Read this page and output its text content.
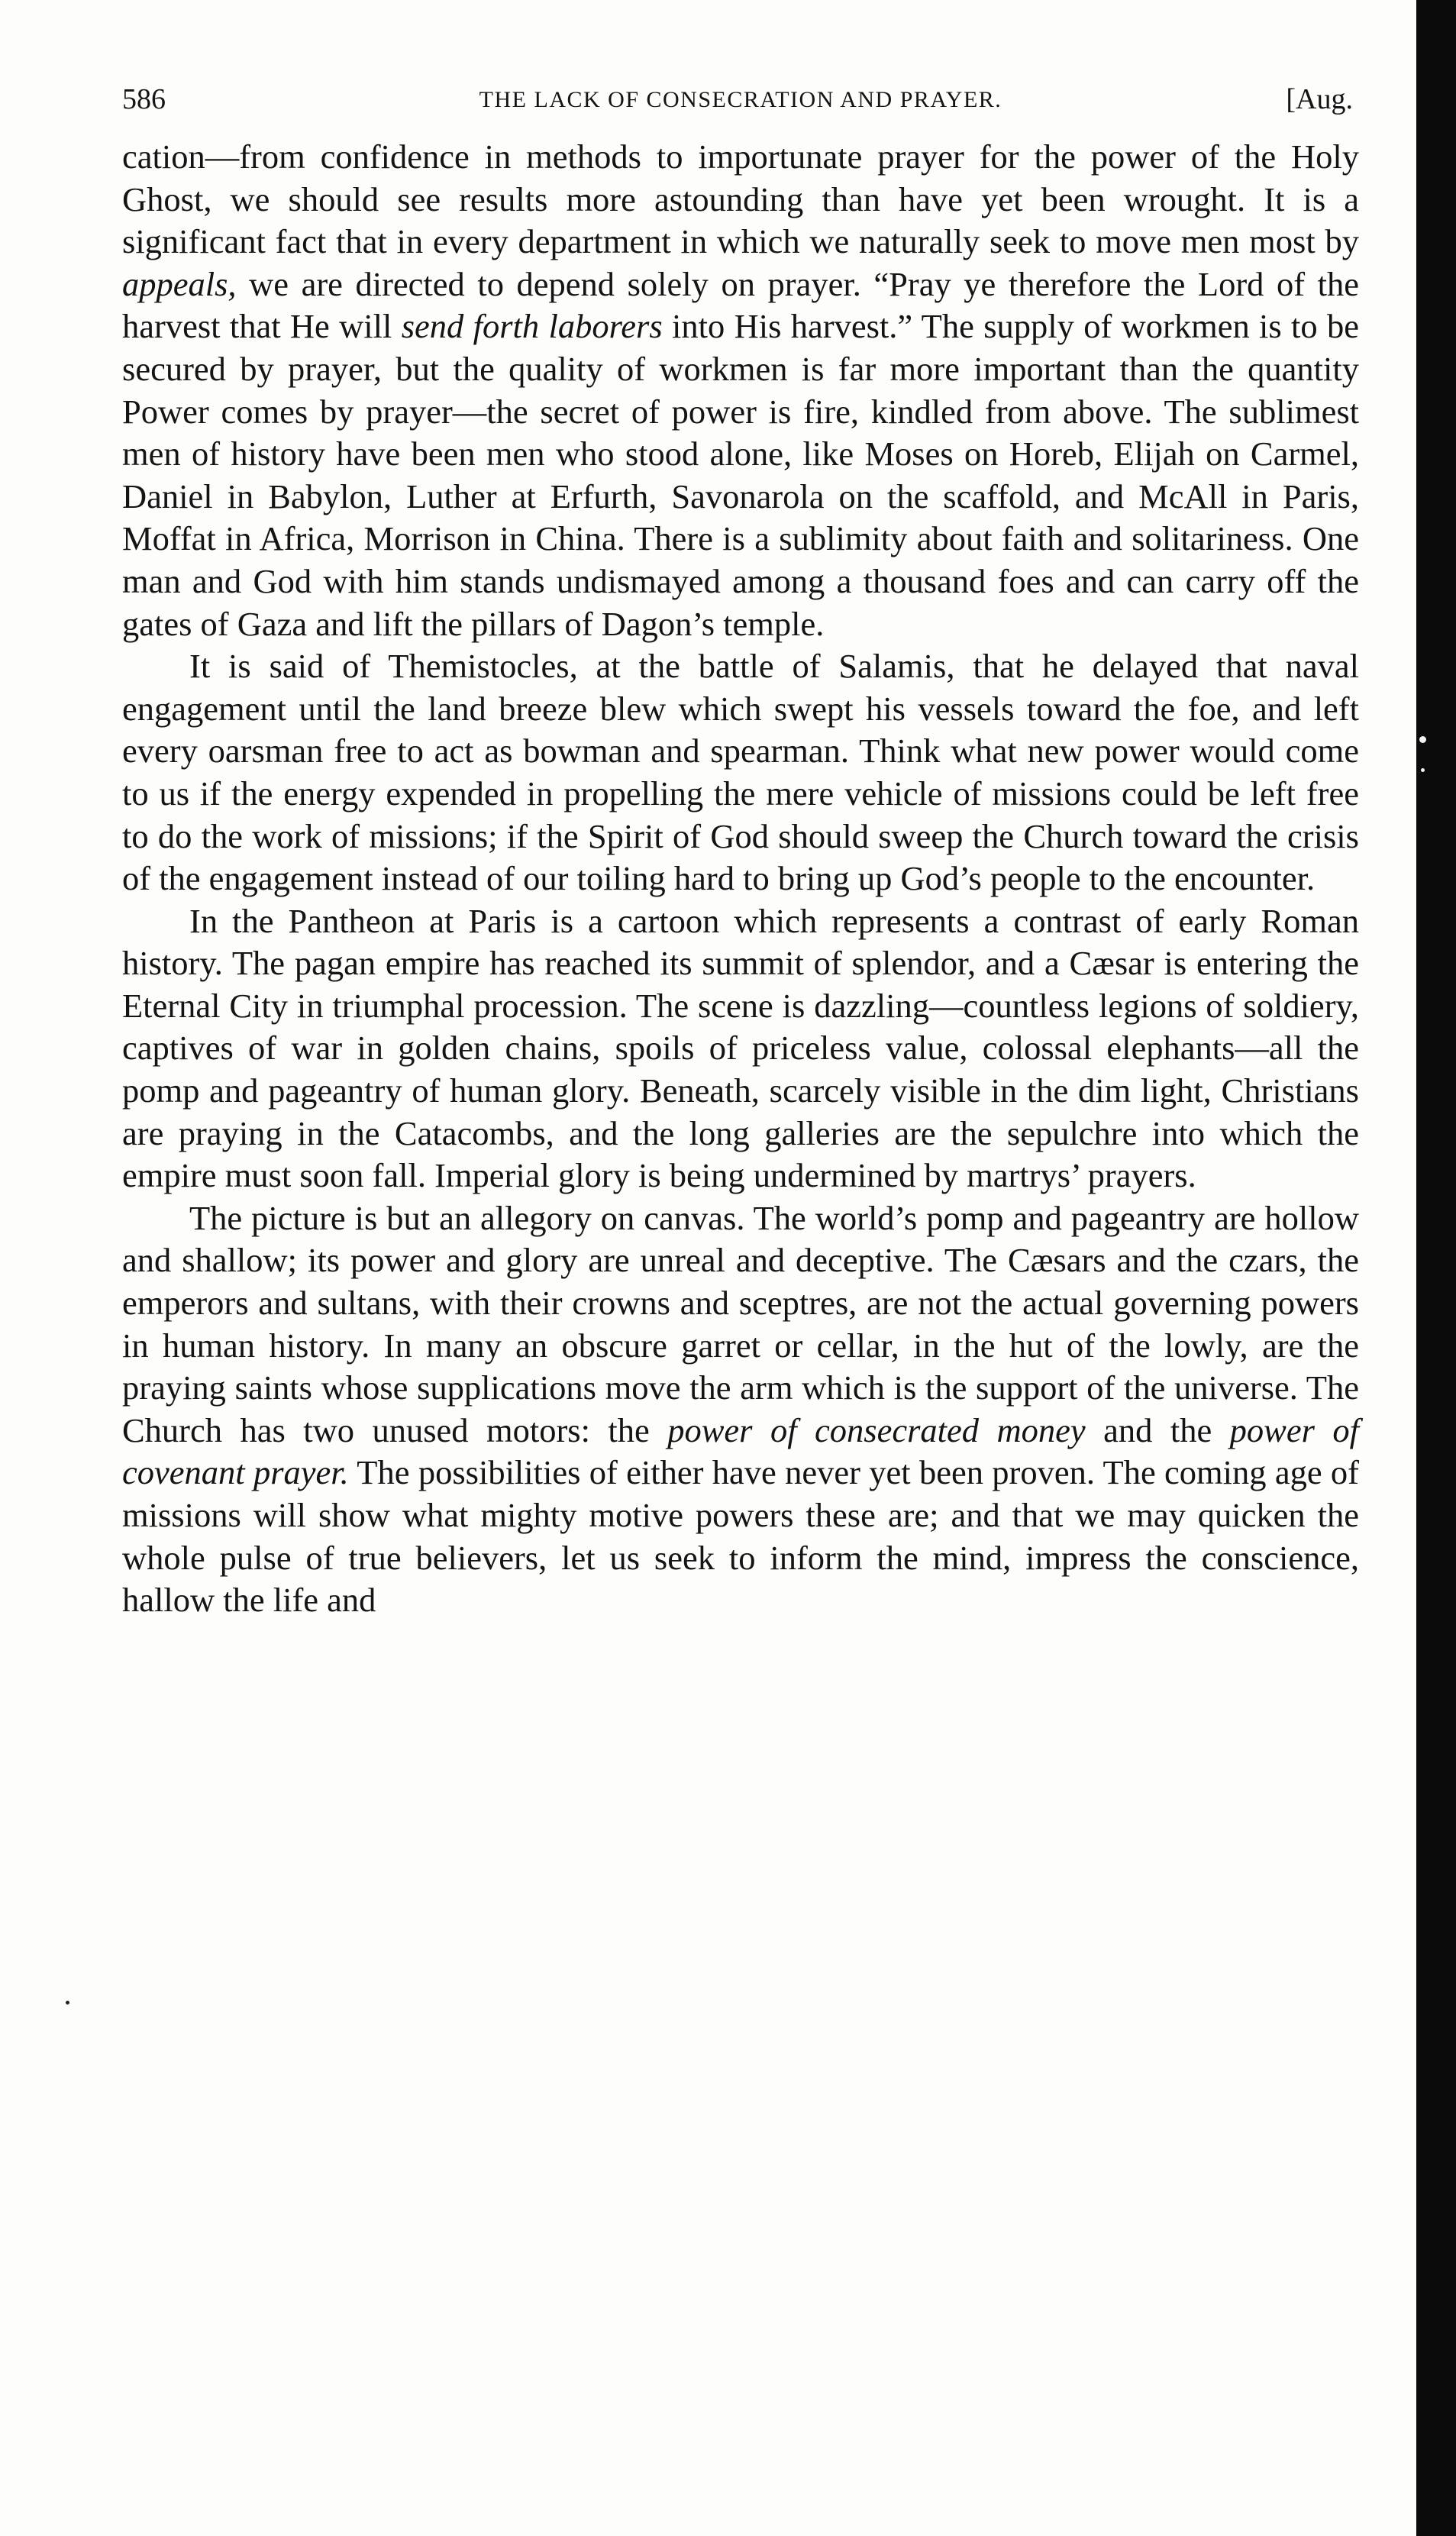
586	THE LACK OF CONSECRATION AND PRAYER.	[Aug.

cation—from confidence in methods to importunate prayer for the power of the Holy Ghost, we should see results more astounding than have yet been wrought. It is a significant fact that in every department in which we naturally seek to move men most by appeals, we are directed to depend solely on prayer. “Pray ye therefore the Lord of the harvest that He will send forth laborers into His harvest.” The supply of workmen is to be secured by prayer, but the quality of workmen is far more important than the quantity Power comes by prayer—the secret of power is fire, kindled from above. The sublimest men of history have been men who stood alone, like Moses on Horeb, Elijah on Carmel, Daniel in Babylon, Luther at Erfurth, Savonarola on the scaffold, and McAll in Paris, Moffat in Africa, Morrison in China. There is a sublimity about faith and solitariness. One man and God with him stands undismayed among a thousand foes and can carry off the gates of Gaza and lift the pillars of Dagon’s temple.

It is said of Themistocles, at the battle of Salamis, that he delayed that naval engagement until the land breeze blew which swept his vessels toward the foe, and left every oarsman free to act as bowman and spearman. Think what new power would come to us if the energy expended in propelling the mere vehicle of missions could be left free to do the work of missions; if the Spirit of God should sweep the Church toward the crisis of the engagement instead of our toiling hard to bring up God’s people to the encounter.

In the Pantheon at Paris is a cartoon which represents a contrast of early Roman history. The pagan empire has reached its summit of splendor, and a Cæsar is entering the Eternal City in triumphal procession. The scene is dazzling—countless legions of soldiery, captives of war in golden chains, spoils of priceless value, colossal elephants—all the pomp and pageantry of human glory. Beneath, scarcely visible in the dim light, Christians are praying in the Catacombs, and the long galleries are the sepulchre into which the empire must soon fall. Imperial glory is being undermined by martrys’ prayers.

The picture is but an allegory on canvas. The world’s pomp and pageantry are hollow and shallow; its power and glory are unreal and deceptive. The Cæsars and the czars, the emperors and sultans, with their crowns and sceptres, are not the actual governing powers in human history. In many an obscure garret or cellar, in the hut of the lowly, are the praying saints whose supplications move the arm which is the support of the universe. The Church has two unused motors: the power of consecrated money and the power of covenant prayer. The possibilities of either have never yet been proven. The coming age of missions will show what mighty motive powers these are; and that we may quicken the whole pulse of true believers, let us seek to inform the mind, impress the conscience, hallow the life and
